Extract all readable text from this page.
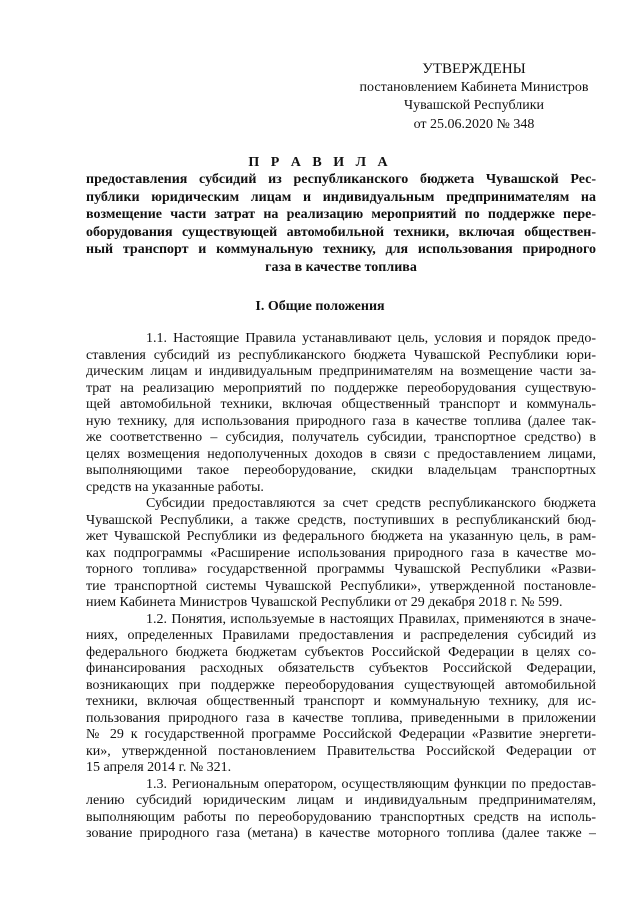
УТВЕРЖДЕНЫ
постановлением Кабинета Министров
Чувашской Республики
от 25.06.2020 № 348
П Р А В И Л А
предоставления субсидий из республиканского бюджета Чувашской Рес-
публики юридическим лицам и индивидуальным предпринимателям на
возмещение части затрат на реализацию мероприятий по поддержке пере-
оборудования существующей автомобильной техники, включая обществен-
ный транспорт и коммунальную технику, для использования природного
газа в качестве топлива
I. Общие положения
1.1. Настоящие Правила устанавливают цель, условия и порядок предо-
ставления субсидий из республиканского бюджета Чувашской Республики юри-
дическим лицам и индивидуальным предпринимателям на возмещение части за-
трат на реализацию мероприятий по поддержке переоборудования существую-
щей автомобильной техники, включая общественный транспорт и коммуналь-
ную технику, для использования природного газа в качестве топлива (далее так-
же соответственно – субсидия, получатель субсидии, транспортное средство) в
целях возмещения недополученных доходов в связи с предоставлением лицами,
выполняющими такое переоборудование, скидки владельцам транспортных
средств на указанные работы.
Субсидии предоставляются за счет средств республиканского бюджета
Чувашской Республики, а также средств, поступивших в республиканский бюд-
жет Чувашской Республики из федерального бюджета на указанную цель, в рам-
ках подпрограммы «Расширение использования природного газа в качестве мо-
торного топлива» государственной программы Чувашской Республики «Разви-
тие транспортной системы Чувашской Республики», утвержденной постановле-
нием Кабинета Министров Чувашской Республики от 29 декабря 2018 г. № 599.
1.2. Понятия, используемые в настоящих Правилах, применяются в значе-
ниях, определенных Правилами предоставления и распределения субсидий из
федерального бюджета бюджетам субъектов Российской Федерации в целях со-
финансирования расходных обязательств субъектов Российской Федерации,
возникающих при поддержке переоборудования существующей автомобильной
техники, включая общественный транспорт и коммунальную технику, для ис-
пользования природного газа в качестве топлива, приведенными в приложении
№ 29 к государственной программе Российской Федерации «Развитие энергети-
ки», утвержденной постановлением Правительства Российской Федерации от
15 апреля 2014 г. № 321.
1.3. Региональным оператором, осуществляющим функции по предостав-
лению субсидий юридическим лицам и индивидуальным предпринимателям,
выполняющим работы по переоборудованию транспортных средств на исполь-
зование природного газа (метана) в качестве моторного топлива (далее также –
